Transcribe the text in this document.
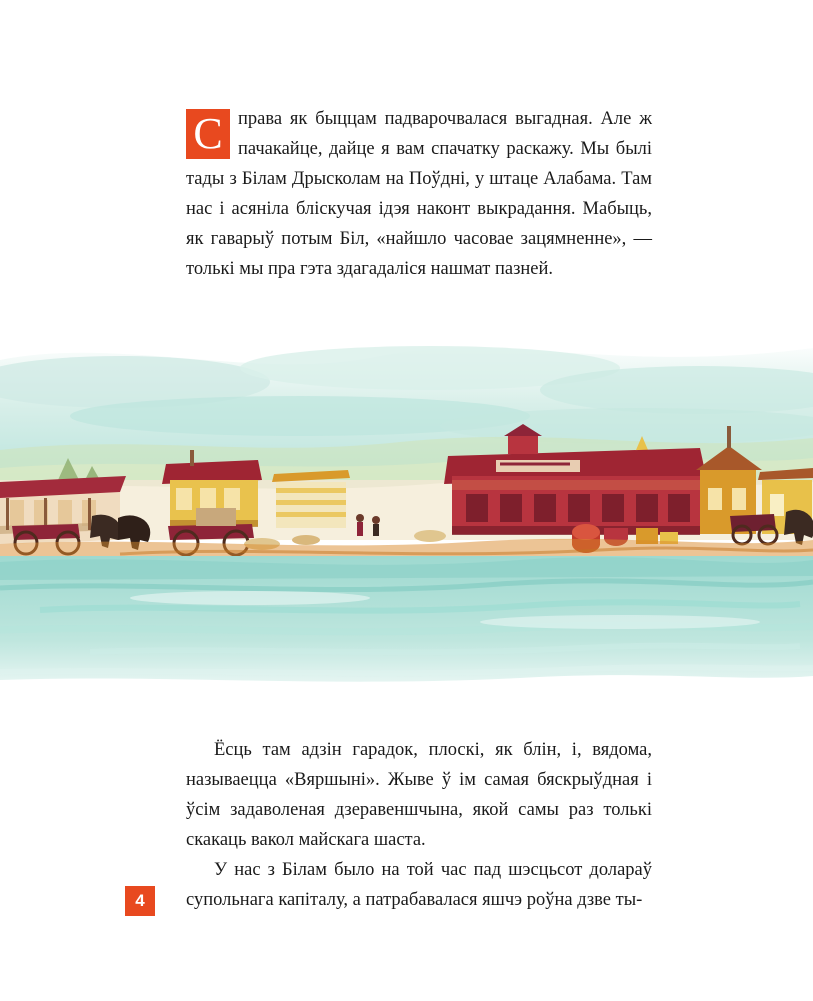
С права як быццам падварочвалася выгадная. Але ж пачакайце, дайце я вам спачатку раскажу. Мы былі тады з Білам Дрысколам на Поўдні, у штаце Алабама. Там нас і асяніла бліскучая ідэя наконт выкрадання. Мабыць, як гаварыў потым Біл, «найшло часовае зацямненне», — толькі мы пра гэта здагадаліся нашмат пазней.

Ёсць там адзін гарадок, плоскі, як блін, і, вядома, называецца «Вяршыні». Жыве ў ім самая бяскрыўдная і ўсім задаволеная дзеравеншчына, якой самы раз толькі скакаць вакол майскага шаста.

У нас з Білам было на той час пад шэсцьсот долараў супольнага капіталу, а патрабавалася яшчэ роўна дзве ты-

4
